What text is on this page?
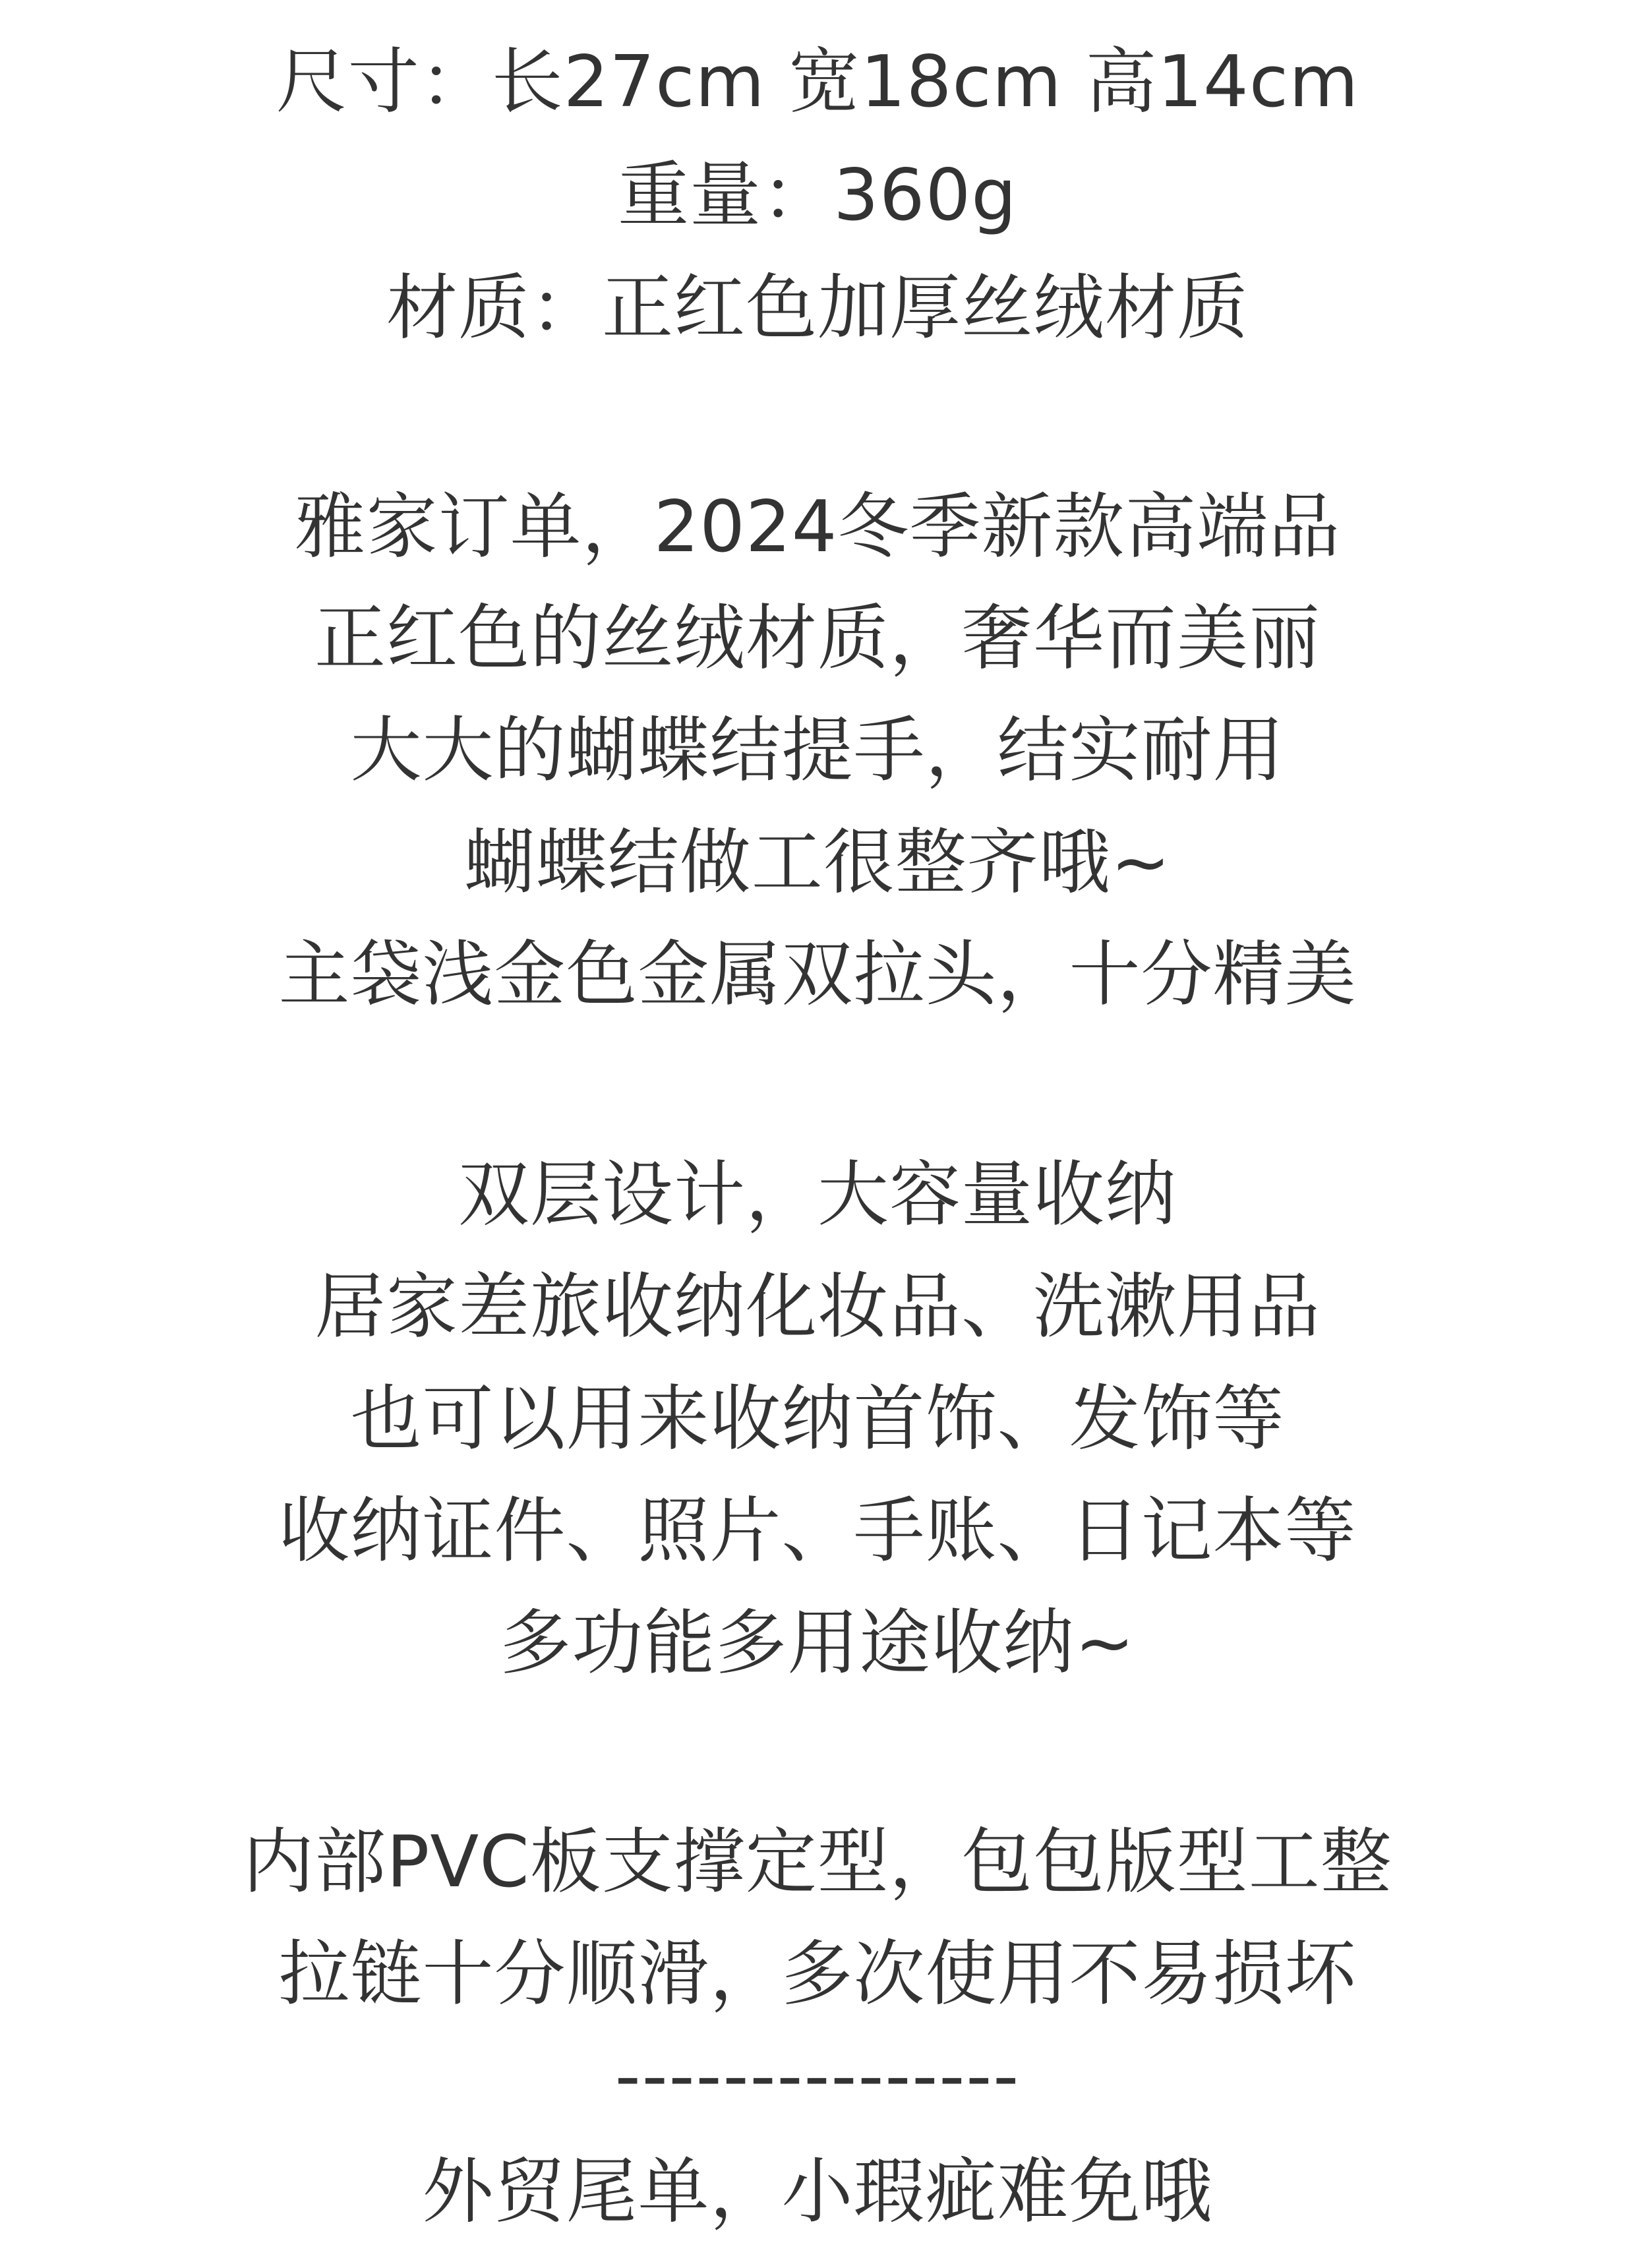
尺寸：长27cm 宽18cm 高14cm
重量：360g
材质：正红色加厚丝绒材质
雅家订单，2024冬季新款高端品
正红色的丝绒材质，奢华而美丽
大大的蝴蝶结提手，结实耐用
蝴蝶结做工很整齐哦~
主袋浅金色金属双拉头，十分精美
双层设计，大容量收纳
居家差旅收纳化妆品、洗漱用品
也可以用来收纳首饰、发饰等
收纳证件、照片、手账、日记本等
多功能多用途收纳~
内部PVC板支撑定型，包包版型工整
拉链十分顺滑，多次使用不易损坏
---------------
外贸尾单，小瑕疵难免哦
